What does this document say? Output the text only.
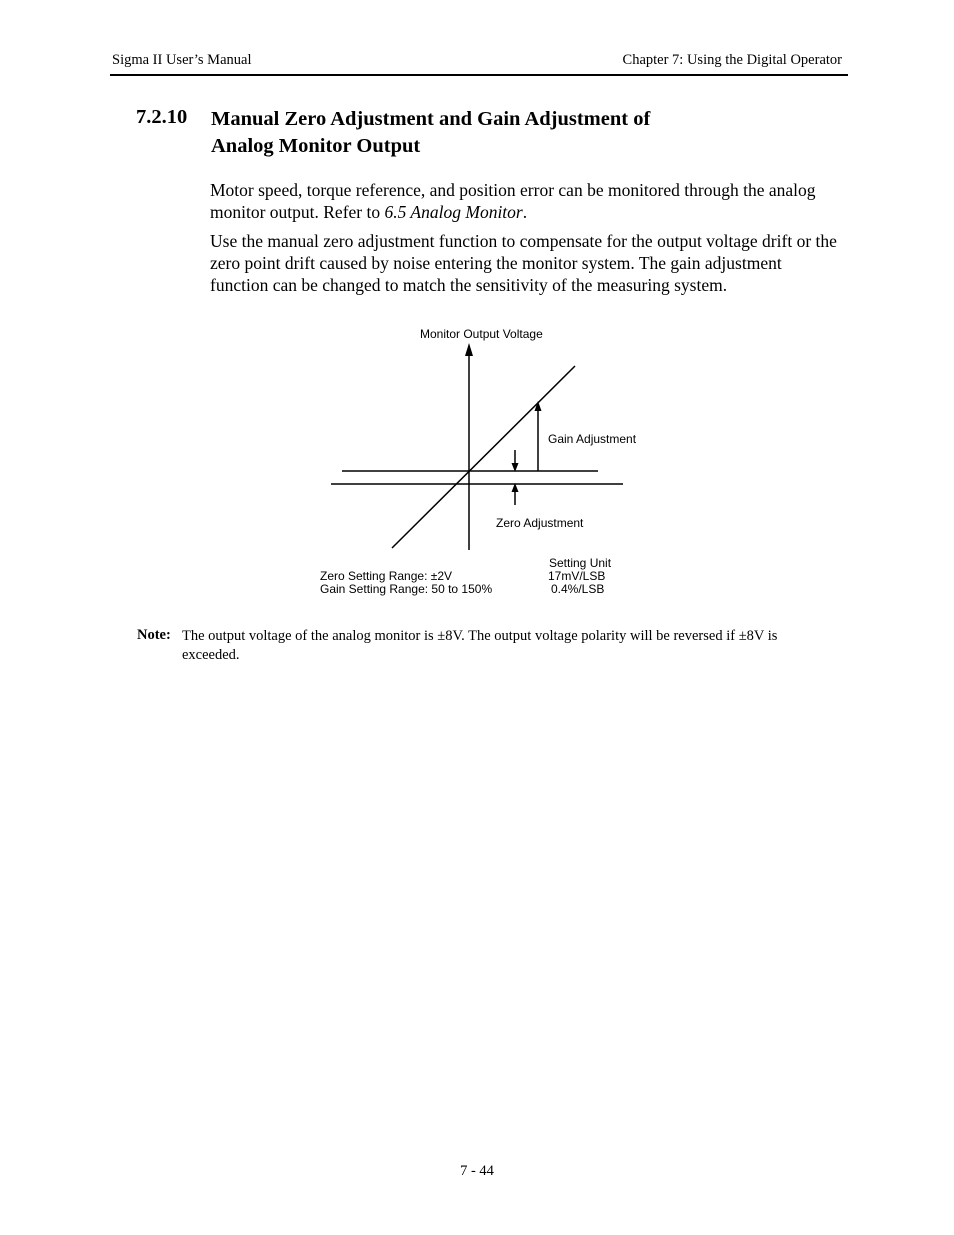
Sigma II User’s Manual	Chapter 7: Using the Digital Operator
7.2.10 Manual Zero Adjustment and Gain Adjustment of
Analog Monitor Output
Motor speed, torque reference, and position error can be monitored through the analog monitor output. Refer to 6.5 Analog Monitor.
Use the manual zero adjustment function to compensate for the output voltage drift or the zero point drift caused by noise entering the monitor system. The gain adjustment function can be changed to match the sensitivity of the measuring system.
Monitor Output Voltage
Gain Adjustment
Zero Adjustment
Setting Unit
Zero Setting Range: ±2V
Gain Setting Range: 50 to 150%
17mV/LSB
0.4%/LSB
Note: The output voltage of the analog monitor is ±8V. The output voltage polarity will be reversed if ±8V is exceeded.
7 - 44
